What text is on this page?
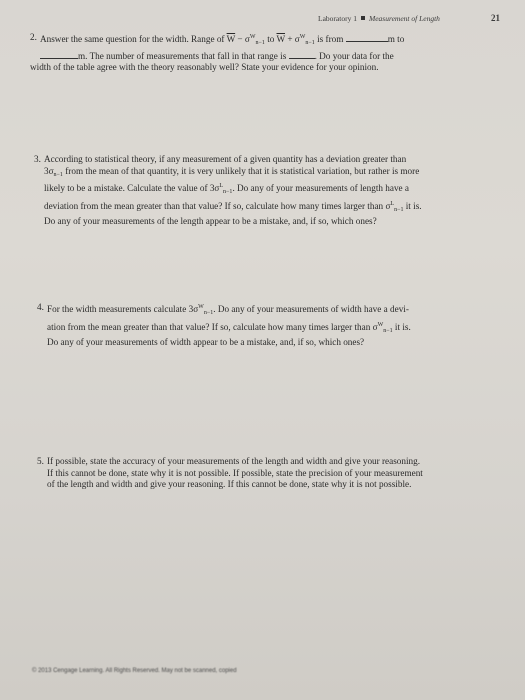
Laboratory 1 Measurement of Length	21
2. Answer the same question for the width. Range of $\overline{W} - \sigma^W_{n-1}$ to $\overline{W} + \sigma^W_{n-1}$ is from	m to
m. The number of measurements that fall in that range is	. Do your data for the
width of the table agree with the theory reasonably well? State your evidence for your opinion.
3. According to statistical theory, if any measurement of a given quantity has a deviation greater than
$3\sigma_{n-1}$ from the mean of that quantity, it is very unlikely that it is statistical variation, but rather is more
likely to be a mistake. Calculate the value of $3\sigma^L_{n-1}$. Do any of your measurements of length have a
deviation from the mean greater than that value? If so, calculate how many times larger than $\sigma^L_{n-1}$ it is.
Do any of your measurements of the length appear to be a mistake, and, if so, which ones?
4. For the width measurements calculate $3\sigma^W_{n-1}$. Do any of your measurements of width have a devi-
ation from the mean greater than that value? If so, calculate how many times larger than $\sigma^W_{n-1}$ it is.
Do any of your measurements of width appear to be a mistake, and, if so, which ones?
5. If possible, state the accuracy of your measurements of the length and width and give your reasoning.
If this cannot be done, state why it is not possible. If possible, state the precision of your measurement
of the length and width and give your reasoning. If this cannot be done, state why it is not possible.
© 2013 Cengage Learning. All Rights Reserved. May not be scanned, copied
